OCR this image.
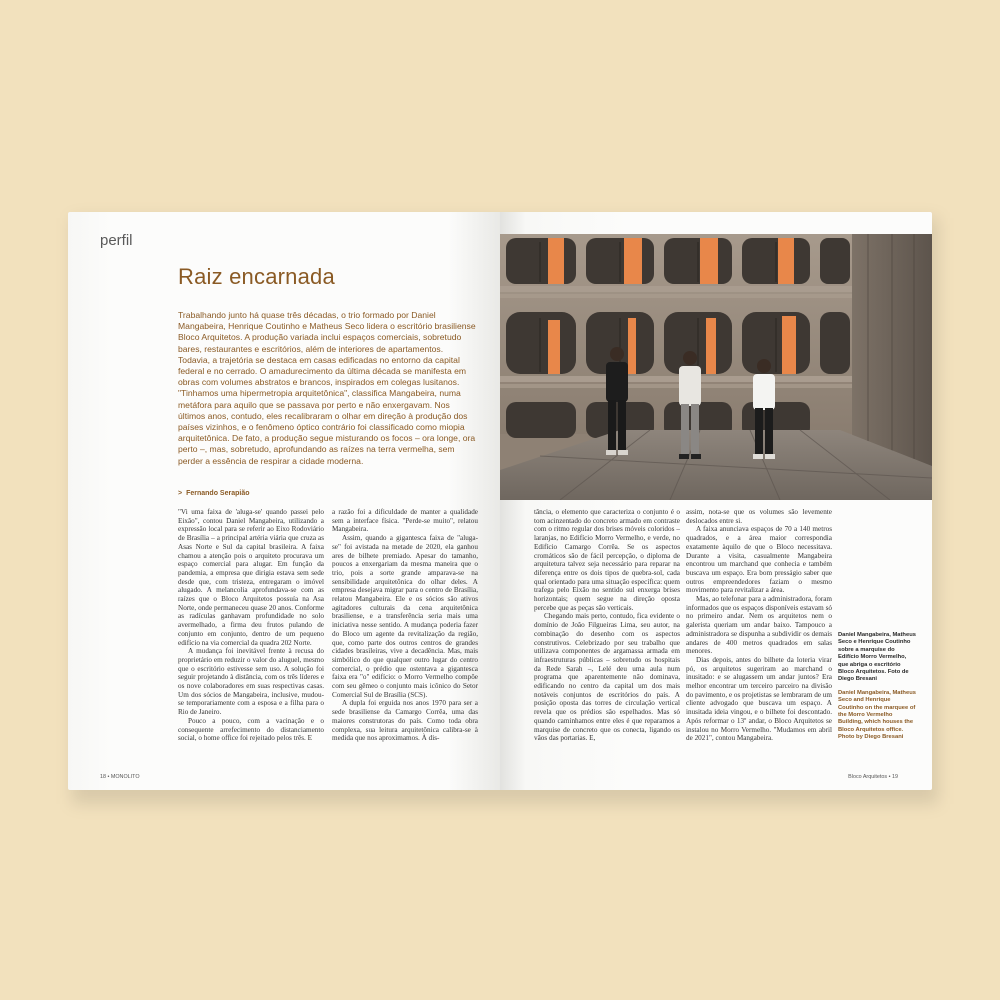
perfil
Raiz encarnada
Trabalhando junto há quase três décadas, o trio formado por Daniel Mangabeira, Henrique Coutinho e Matheus Seco lidera o escritório brasiliense Bloco Arquitetos. A produção variada inclui espaços comerciais, sobretudo bares, restaurantes e escritórios, além de interiores de apartamentos. Todavia, a trajetória se destaca em casas edificadas no entorno da capital federal e no cerrado. O amadurecimento da última década se manifesta em obras com volumes abstratos e brancos, inspirados em colegas lusitanos. "Tinhamos uma hipermetropia arquitetônica", classifica Mangabeira, numa metáfora para aquilo que se passava por perto e não enxergavam. Nos últimos anos, contudo, eles recalibraram o olhar em direção à produção dos países vizinhos, e o fenômeno óptico contrário foi classificado como miopia arquitetônica. De fato, a produção segue misturando os focos – ora longe, ora perto –, mas, sobretudo, aprofundando as raízes na terra vermelha, sem perder a essência de respirar a cidade moderna.
> Fernando Serapião

"Vi uma faixa de 'aluga-se' quando passei pelo Eixão", contou Daniel Mangabeira, utilizando a expressão local para se referir ao Eixo Rodoviário de Brasília – a principal artéria viária que cruza as Asas Norte e Sul da capital brasileira. A faixa chamou a atenção pois o arquiteto procurava um espaço comercial para alugar. Em função da pandemia, a empresa que dirigia estava sem sede desde que, com tristeza, entregaram o imóvel alugado. A melancolia aprofundava-se com as raízes que o Bloco Arquitetos possuía na Asa Norte, onde permaneceu quase 20 anos. Conforme as radículas ganhavam profundidade no solo avermelhado, a firma deu frutos pulando de conjunto em conjunto, dentro de um pequeno edifício na via comercial da quadra 202 Norte.

A mudança foi inevitável frente à recusa do proprietário em reduzir o valor do aluguel, mesmo que o escritório estivesse sem uso. A solução foi seguir projetando à distância, com os três líderes e os nove colaboradores em suas respectivas casas. Um dos sócios de Mangabeira, inclusive, mudou-se temporariamente com a esposa e a filha para o Rio de Janeiro.

Pouco a pouco, com a vacinação e o consequente arrefecimento do distanciamento social, o home office foi rejeitado pelos três. E

a razão foi a dificuldade de manter a qualidade sem a interface física. "Perde-se muito", relatou Mangabeira.

Assim, quando a gigantesca faixa de "aluga-se" foi avistada na metade de 2020, ela ganhou ares de bilhete premiado. Apesar do tamanho, poucos a enxergariam da mesma maneira que o trio, pois a sorte grande amparava-se na sensibilidade arquitetônica do olhar deles. A empresa desejava migrar para o centro de Brasília, relatou Mangabeira. Ele e os sócios são ativos agitadores culturais da cena arquitetônica brasiliense, e a transferência seria mais uma iniciativa nesse sentido. A mudança poderia fazer do Bloco um agente da revitalização da região, que, como parte dos outros centros de grandes cidades brasileiras, vive a decadência. Mas, mais simbólico do que qualquer outro lugar do centro comercial, o prédio que ostentava a gigantesca faixa era "o" edifício: o Morro Vermelho compõe com seu gêmeo o conjunto mais icônico do Setor Comercial Sul de Brasília (SCS).

A dupla foi erguida nos anos 1970 para ser a sede brasiliense da Camargo Corrêa, uma das maiores construtoras do país. Como toda obra complexa, sua leitura arquitetônica calibra-se à medida que nos aproximamos. À dis-

18 • MONOLITO

tância, o elemento que caracteriza o conjunto é o tom acinzentado do concreto armado em contraste com o ritmo regular dos brises móveis coloridos – laranjas, no Edifício Morro Vermelho, e verde, no Edifício Camargo Corrêa. Se os aspectos cromáticos são de fácil percepção, o diploma de arquitetura talvez seja necessário para reparar na diferença entre os dois tipos de quebra-sol, cada qual orientado para uma situação específica: quem trafega pelo Eixão no sentido sul enxerga brises horizontais; quem segue na direção oposta percebe que as peças são verticais.

Chegando mais perto, contudo, fica evidente o domínio de João Filgueiras Lima, seu autor, na combinação do desenho com os aspectos construtivos. Celebrizado por seu trabalho que utilizava componentes de argamassa armada em infraestruturas públicas – sobretudo os hospitais da Rede Sarah –, Lelé deu uma aula num programa que aparentemente não dominava, edificando no centro da capital um dos mais notáveis conjuntos de escritórios do país. A posição oposta das torres de circulação vertical revela que os prédios são espelhados. Mas só quando caminhamos entre eles é que reparamos a marquise de concreto que os conecta, ligando os vãos das portarias. E,

assim, nota-se que os volumes são levemente deslocados entre si.

A faixa anunciava espaços de 70 a 140 metros quadrados, e a área maior correspondia exatamente àquilo de que o Bloco necessitava. Durante a visita, casualmente Mangabeira encontrou um marchand que conhecia e também buscava um espaço. Era bom presságio saber que outros empreendedores faziam o mesmo movimento para revitalizar a área.

Mas, ao telefonar para a administradora, foram informados que os espaços disponíveis estavam só no primeiro andar. Nem os arquitetos nem o galerista queriam um andar baixo. Tampouco a administradora se dispunha a subdividir os demais andares de 400 metros quadrados em salas menores.

Dias depois, antes do bilhete da loteria virar pó, os arquitetos sugeriram ao marchand o inusitado: e se alugassem um andar juntos? Era melhor encontrar um terceiro parceiro na divisão do pavimento, e os projetistas se lembraram de um cliente advogado que buscava um espaço. A inusitada ideia vingou, e o bilhete foi descontado. Após reformar o 13º andar, o Bloco Arquitetos se instalou no Morro Vermelho. "Mudamos em abril de 2021", contou Mangabeira.

Daniel Mangabeira, Matheus Seco e Henrique Coutinho sobre a marquise do Edifício Morro Vermelho, que abriga o escritório Bloco Arquitetos. Foto de Diego Bresani
Daniel Mangabeira, Matheus Seco and Henrique Coutinho on the marquee of the Morro Vermelho Building, which houses the Bloco Arquitetos office. Photo by Diego Bresani
Bloco Arquitetos • 19
